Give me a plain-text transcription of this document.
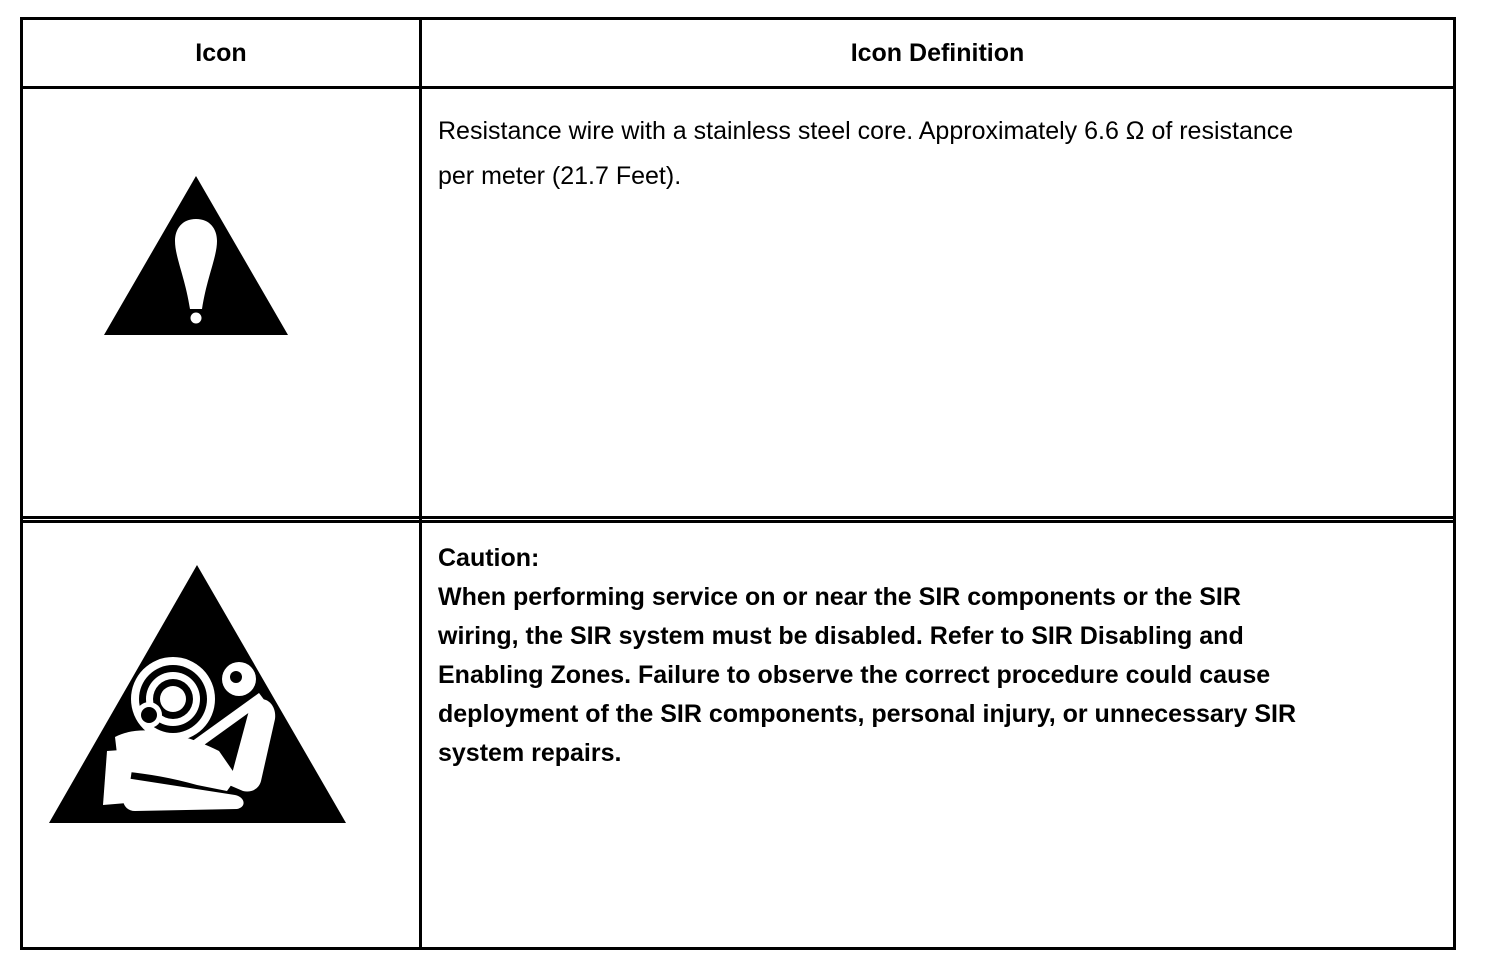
Icon	Icon Definition
Resistance wire with a stainless steel core. Approximately 6.6 Ω of resistance
per meter (21.7 Feet).
Caution:
When performing service on or near the SIR components or the SIR
wiring, the SIR system must be disabled. Refer to SIR Disabling and
Enabling Zones. Failure to observe the correct procedure could cause
deployment of the SIR components, personal injury, or unnecessary SIR
system repairs.
